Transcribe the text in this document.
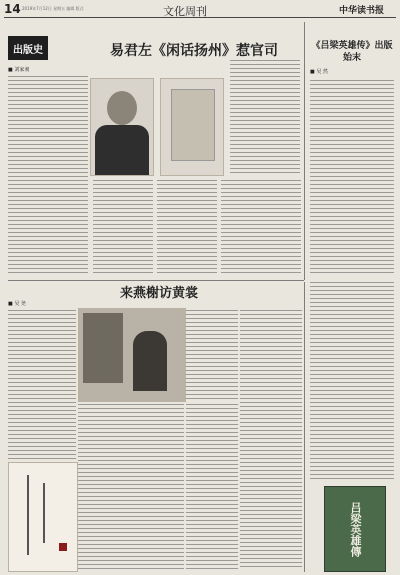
14 2019年7月12日 星期五 编辑 版式	文化周刊	中华读书报
出版史	易君左《闲话扬州》惹官司
■ 刘家昶
《吕梁英雄传》出版始末
■ 吴 然
来燕榭访黄裳
■ 吴 尧
吕梁英雄傳
